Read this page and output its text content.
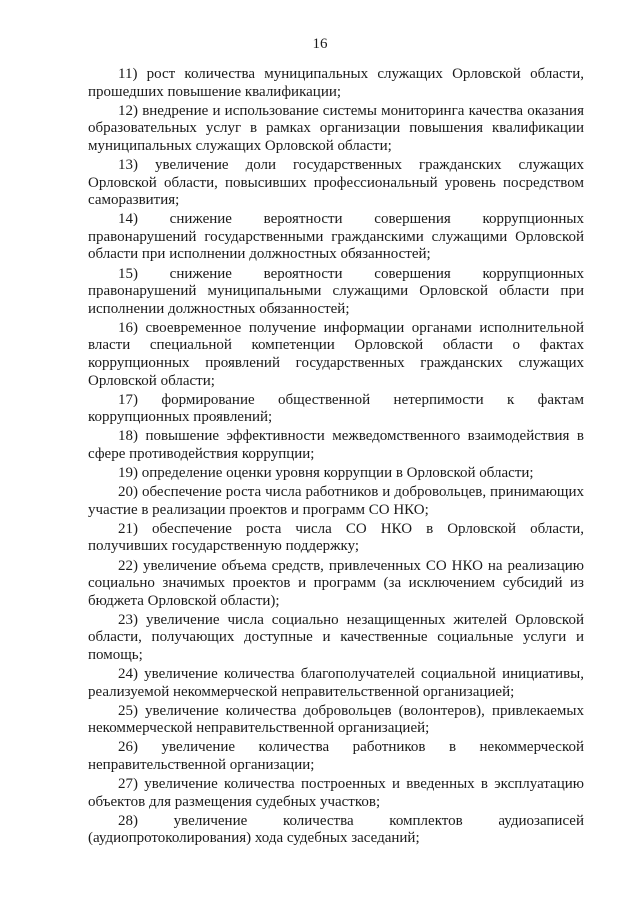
16

11) рост количества муниципальных служащих Орловской области, прошедших повышение квалификации;

12) внедрение и использование системы мониторинга качества оказания образовательных услуг в рамках организации повышения квалификации муниципальных служащих Орловской области;

13) увеличение доли государственных гражданских служащих Орловской области, повысивших профессиональный уровень посредством саморазвития;

14) снижение вероятности совершения коррупционных правонарушений государственными гражданскими служащими Орловской области при исполнении должностных обязанностей;

15) снижение вероятности совершения коррупционных правонарушений муниципальными служащими Орловской области при исполнении должностных обязанностей;

16) своевременное получение информации органами исполнительной власти специальной компетенции Орловской области о фактах коррупционных проявлений государственных гражданских служащих Орловской области;

17) формирование общественной нетерпимости к фактам коррупционных проявлений;

18) повышение эффективности межведомственного взаимодействия в сфере противодействия коррупции;

19) определение оценки уровня коррупции в Орловской области;

20) обеспечение роста числа работников и добровольцев, принимающих участие в реализации проектов и программ СО НКО;

21) обеспечение роста числа СО НКО в Орловской области, получивших государственную поддержку;

22) увеличение объема средств, привлеченных СО НКО на реализацию социально значимых проектов и программ (за исключением субсидий из бюджета Орловской области);

23) увеличение числа социально незащищенных жителей Орловской области, получающих доступные и качественные социальные услуги и помощь;

24) увеличение количества благополучателей социальной инициативы, реализуемой некоммерческой неправительственной организацией;

25) увеличение количества добровольцев (волонтеров), привлекаемых некоммерческой неправительственной организацией;

26) увеличение количества работников в некоммерческой неправительственной организации;

27) увеличение количества построенных и введенных в эксплуатацию объектов для размещения судебных участков;

28) увеличение количества комплектов аудиозаписей (аудиопротоколирования) хода судебных заседаний;
